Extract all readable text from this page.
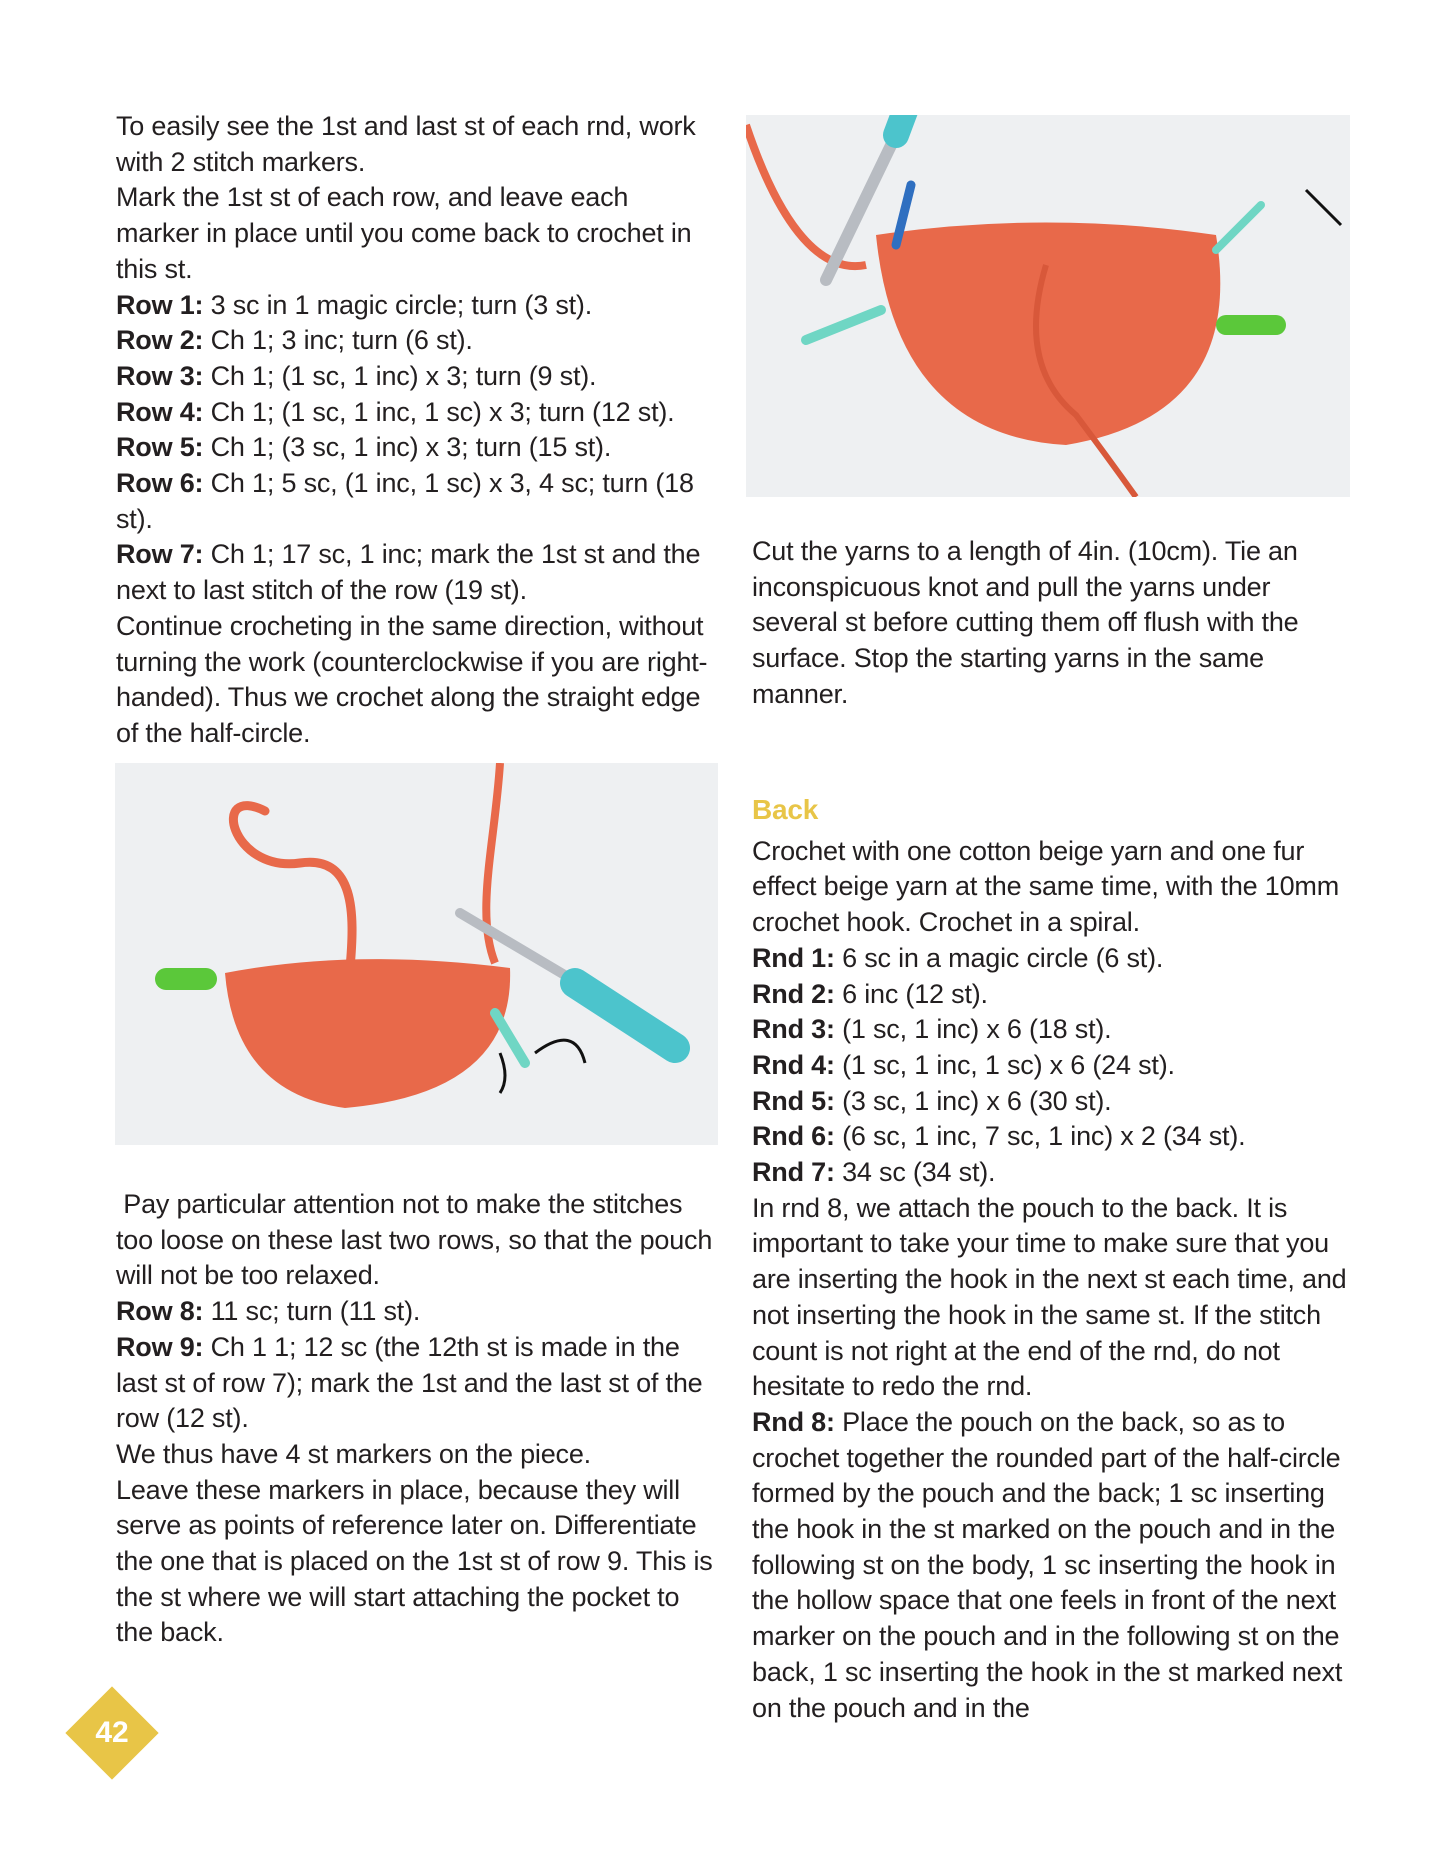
To easily see the 1st and last st of each rnd, work with 2 stitch markers.

Mark the 1st st of each row, and leave each marker in place until you come back to crochet in this st.

Row 1: 3 sc in 1 magic circle; turn (3 st).

Row 2: Ch 1; 3 inc; turn (6 st).

Row 3: Ch 1; (1 sc, 1 inc) x 3; turn (9 st).

Row 4: Ch 1; (1 sc, 1 inc, 1 sc) x 3; turn (12 st).

Row 5: Ch 1; (3 sc, 1 inc) x 3; turn (15 st).

Row 6: Ch 1; 5 sc, (1 inc, 1 sc) x 3, 4 sc; turn (18 st).

Row 7: Ch 1; 17 sc, 1 inc; mark the 1st st and the next to last stitch of the row (19 st).

Continue crocheting in the same direction, without turning the work (counterclockwise if you are right-handed). Thus we crochet along the straight edge of the half-circle.

Pay particular attention not to make the stitches too loose on these last two rows, so that the pouch will not be too relaxed.

Row 8: 11 sc; turn (11 st).

Row 9: Ch 1 1; 12 sc (the 12th st is made in the last st of row 7); mark the 1st and the last st of the row (12 st).

We thus have 4 st markers on the piece.

Leave these markers in place, because they will serve as points of reference later on. Differentiate the one that is placed on the 1st st of row 9. This is the st where we will start attaching the pocket to the back.

Cut the yarns to a length of 4in. (10cm). Tie an inconspicuous knot and pull the yarns under several st before cutting them off flush with the surface. Stop the starting yarns in the same manner.

Back

Crochet with one cotton beige yarn and one fur effect beige yarn at the same time, with the 10mm crochet hook. Crochet in a spiral.

Rnd 1: 6 sc in a magic circle (6 st).

Rnd 2: 6 inc (12 st).

Rnd 3: (1 sc, 1 inc) x 6 (18 st).

Rnd 4: (1 sc, 1 inc, 1 sc) x 6 (24 st).

Rnd 5: (3 sc, 1 inc) x 6 (30 st).

Rnd 6: (6 sc, 1 inc, 7 sc, 1 inc) x 2 (34 st).

Rnd 7: 34 sc (34 st).

In rnd 8, we attach the pouch to the back. It is important to take your time to make sure that you are inserting the hook in the next st each time, and not inserting the hook in the same st. If the stitch count is not right at the end of the rnd, do not hesitate to redo the rnd.

Rnd 8: Place the pouch on the back, so as to crochet together the rounded part of the half-circle formed by the pouch and the back; 1 sc inserting the hook in the st marked on the pouch and in the following st on the body, 1 sc inserting the hook in the hollow space that one feels in front of the next marker on the pouch and in the following st on the back, 1 sc inserting the hook in the st marked next on the pouch and in the

42
